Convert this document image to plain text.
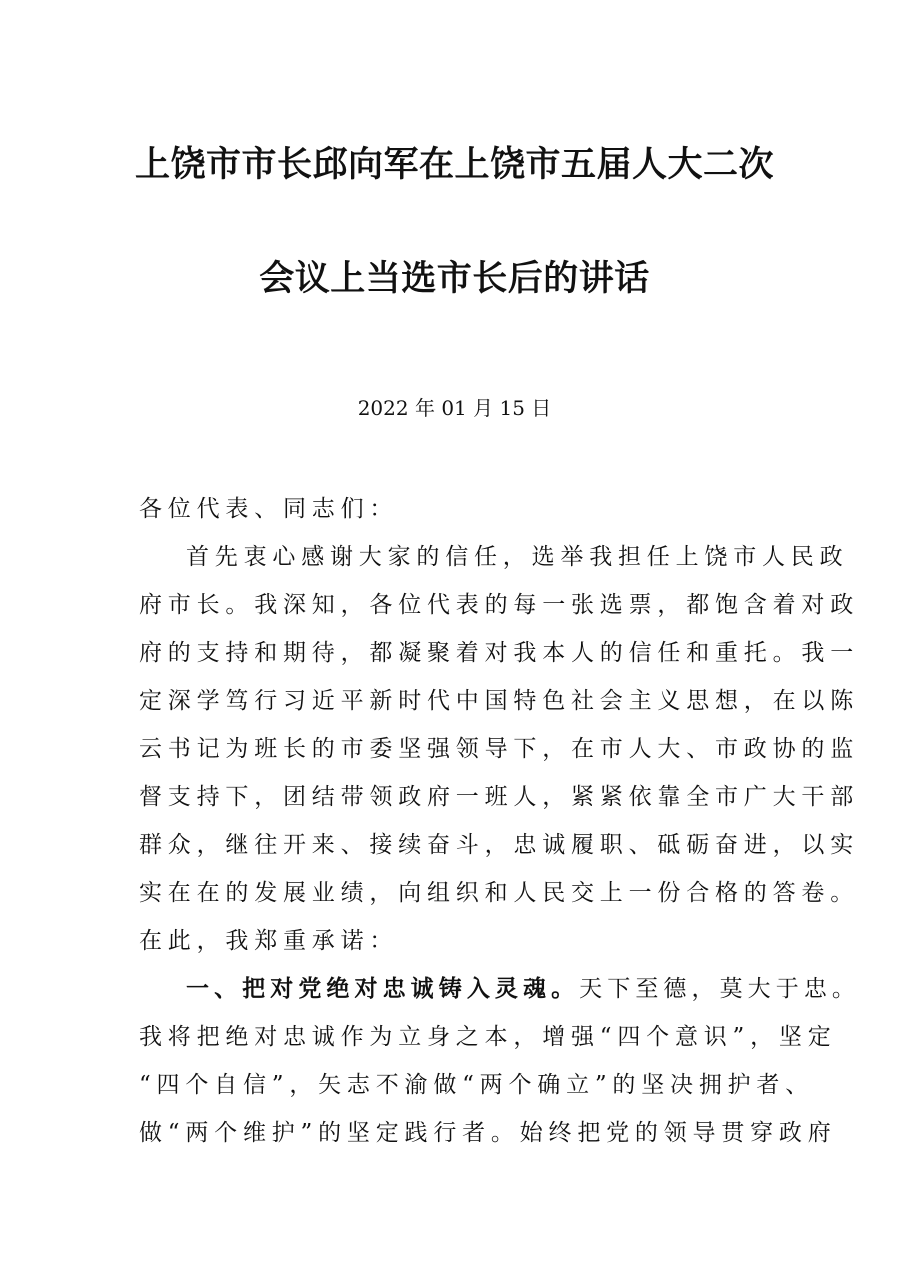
上饶市市长邱向军在上饶市五届人大二次
会议上当选市长后的讲话
2022 年 01 月 15 日
各位代表、同志们：
首先衷心感谢大家的信任，选举我担任上饶市人民政
府市长。我深知，各位代表的每一张选票，都饱含着对政
府的支持和期待，都凝聚着对我本人的信任和重托。我一
定深学笃行习近平新时代中国特色社会主义思想，在以陈
云书记为班长的市委坚强领导下，在市人大、市政协的监
督支持下，团结带领政府一班人，紧紧依靠全市广大干部
群众，继往开来、接续奋斗，忠诚履职、砥砺奋进，以实
实在在的发展业绩，向组织和人民交上一份合格的答卷。
在此，我郑重承诺：
一、把对党绝对忠诚铸入灵魂。天下至德，莫大于忠。
我将把绝对忠诚作为立身之本，增强“四个意识”，坚定
“四个自信”，矢志不渝做“两个确立”的坚决拥护者、
做“两个维护”的坚定践行者。始终把党的领导贯穿政府
